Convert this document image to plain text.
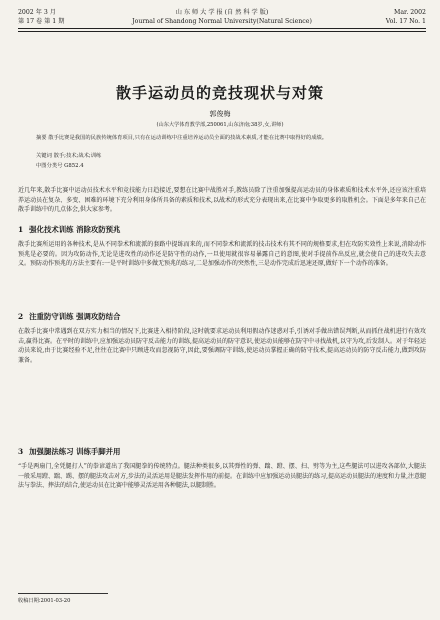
2002 年 3 月
第 17 卷 第 1 期
山 东 师 大 学 报 (自 然 科 学 版)
Journal of Shandong Normal University(Natural Science)
Mar. 2002
Vol. 17 No. 1
散手运动员的竞技现状与对策
郭俊梅
(山东大学体育教学部,250061,山东济南;38岁,女,讲师)
摘要 散手比赛是我国的民族传统体育项目,只有在运动训练中注重培养运动员全面的技战术素质,才能在比赛中取得好的成绩。
关键词 散手;技术;战术;训练
中图分类号 G852.4
近几年来,散手比赛中运动员技术水平和竞技能力日趋接近,要想在比赛中战胜对手,教练员除了注重加强提高运动员的身体素质和技术水平外,还应该注重培养运动员在复杂、多变、困难的环境下充分利用身体所具备的素质和技术,以战术的形式充分表现出来,在比赛中争取更多的取胜机会。下面是多年来自己在散手训练中的几点体会,供大家参考。
1 强化技术训练 消除攻防预兆
散手比赛所运用的各种技术,是从不同拳术和流派的套路中提练而来的,而不同拳术和流派的技击技术有其不同的规格要求,但在攻防实效性上来说,消除动作预兆是必要的。因为攻防动作,无论是进攻性的动作还是防守性的动作,一旦使用就很容易暴露自己的意图,使对手提前作出反应,就会使自己的进攻失去意义。预防动作预兆的方法主要有:一是平时训练中多做无预兆的练习,二是加强动作的突然性,三是动作完成后迅速还原,做好下一个动作的准备。
2 注重防守训练 强调攻防结合
在散手比赛中常遇到在双方实力相当的情况下,比赛进入相持阶段,这时就要求运动员利用假动作迷惑对手,引诱对手做出错误判断,从而抓住战机进行有效攻击,赢得比赛。在平时的训练中,应加强运动员防守反击能力的训练,提高运动员的防守意识,使运动员能够在防守中寻找战机,以守为攻,后发制人。对于年轻运动员来说,由于比赛经验不足,往往在比赛中只顾进攻而忽视防守,因此,要强调防守训练,使运动员掌握正确的防守技术,提高运动员的防守反击能力,做到攻防兼备。
3 加强腿法练习 训练手脚并用
“手是两扇门,全凭腿打人”的拳谚道出了我国腿拳的传统特点。腿法种类很多,以其弹性的弹、踹、蹬、摆、扫、劈等为主,这些腿法可以进攻各部位,大腿法一般采用蹬、踹、踢、摆的腿法攻击对方,步法的灵活运用是腿法发挥作用的前提。在训练中应加强运动员腿法的练习,提高运动员腿法的速度和力量,注意腿法与拳法、摔法的结合,使运动员在比赛中能够灵活运用各种腿法,以腿制胜。
收稿日期:2001-03-20
